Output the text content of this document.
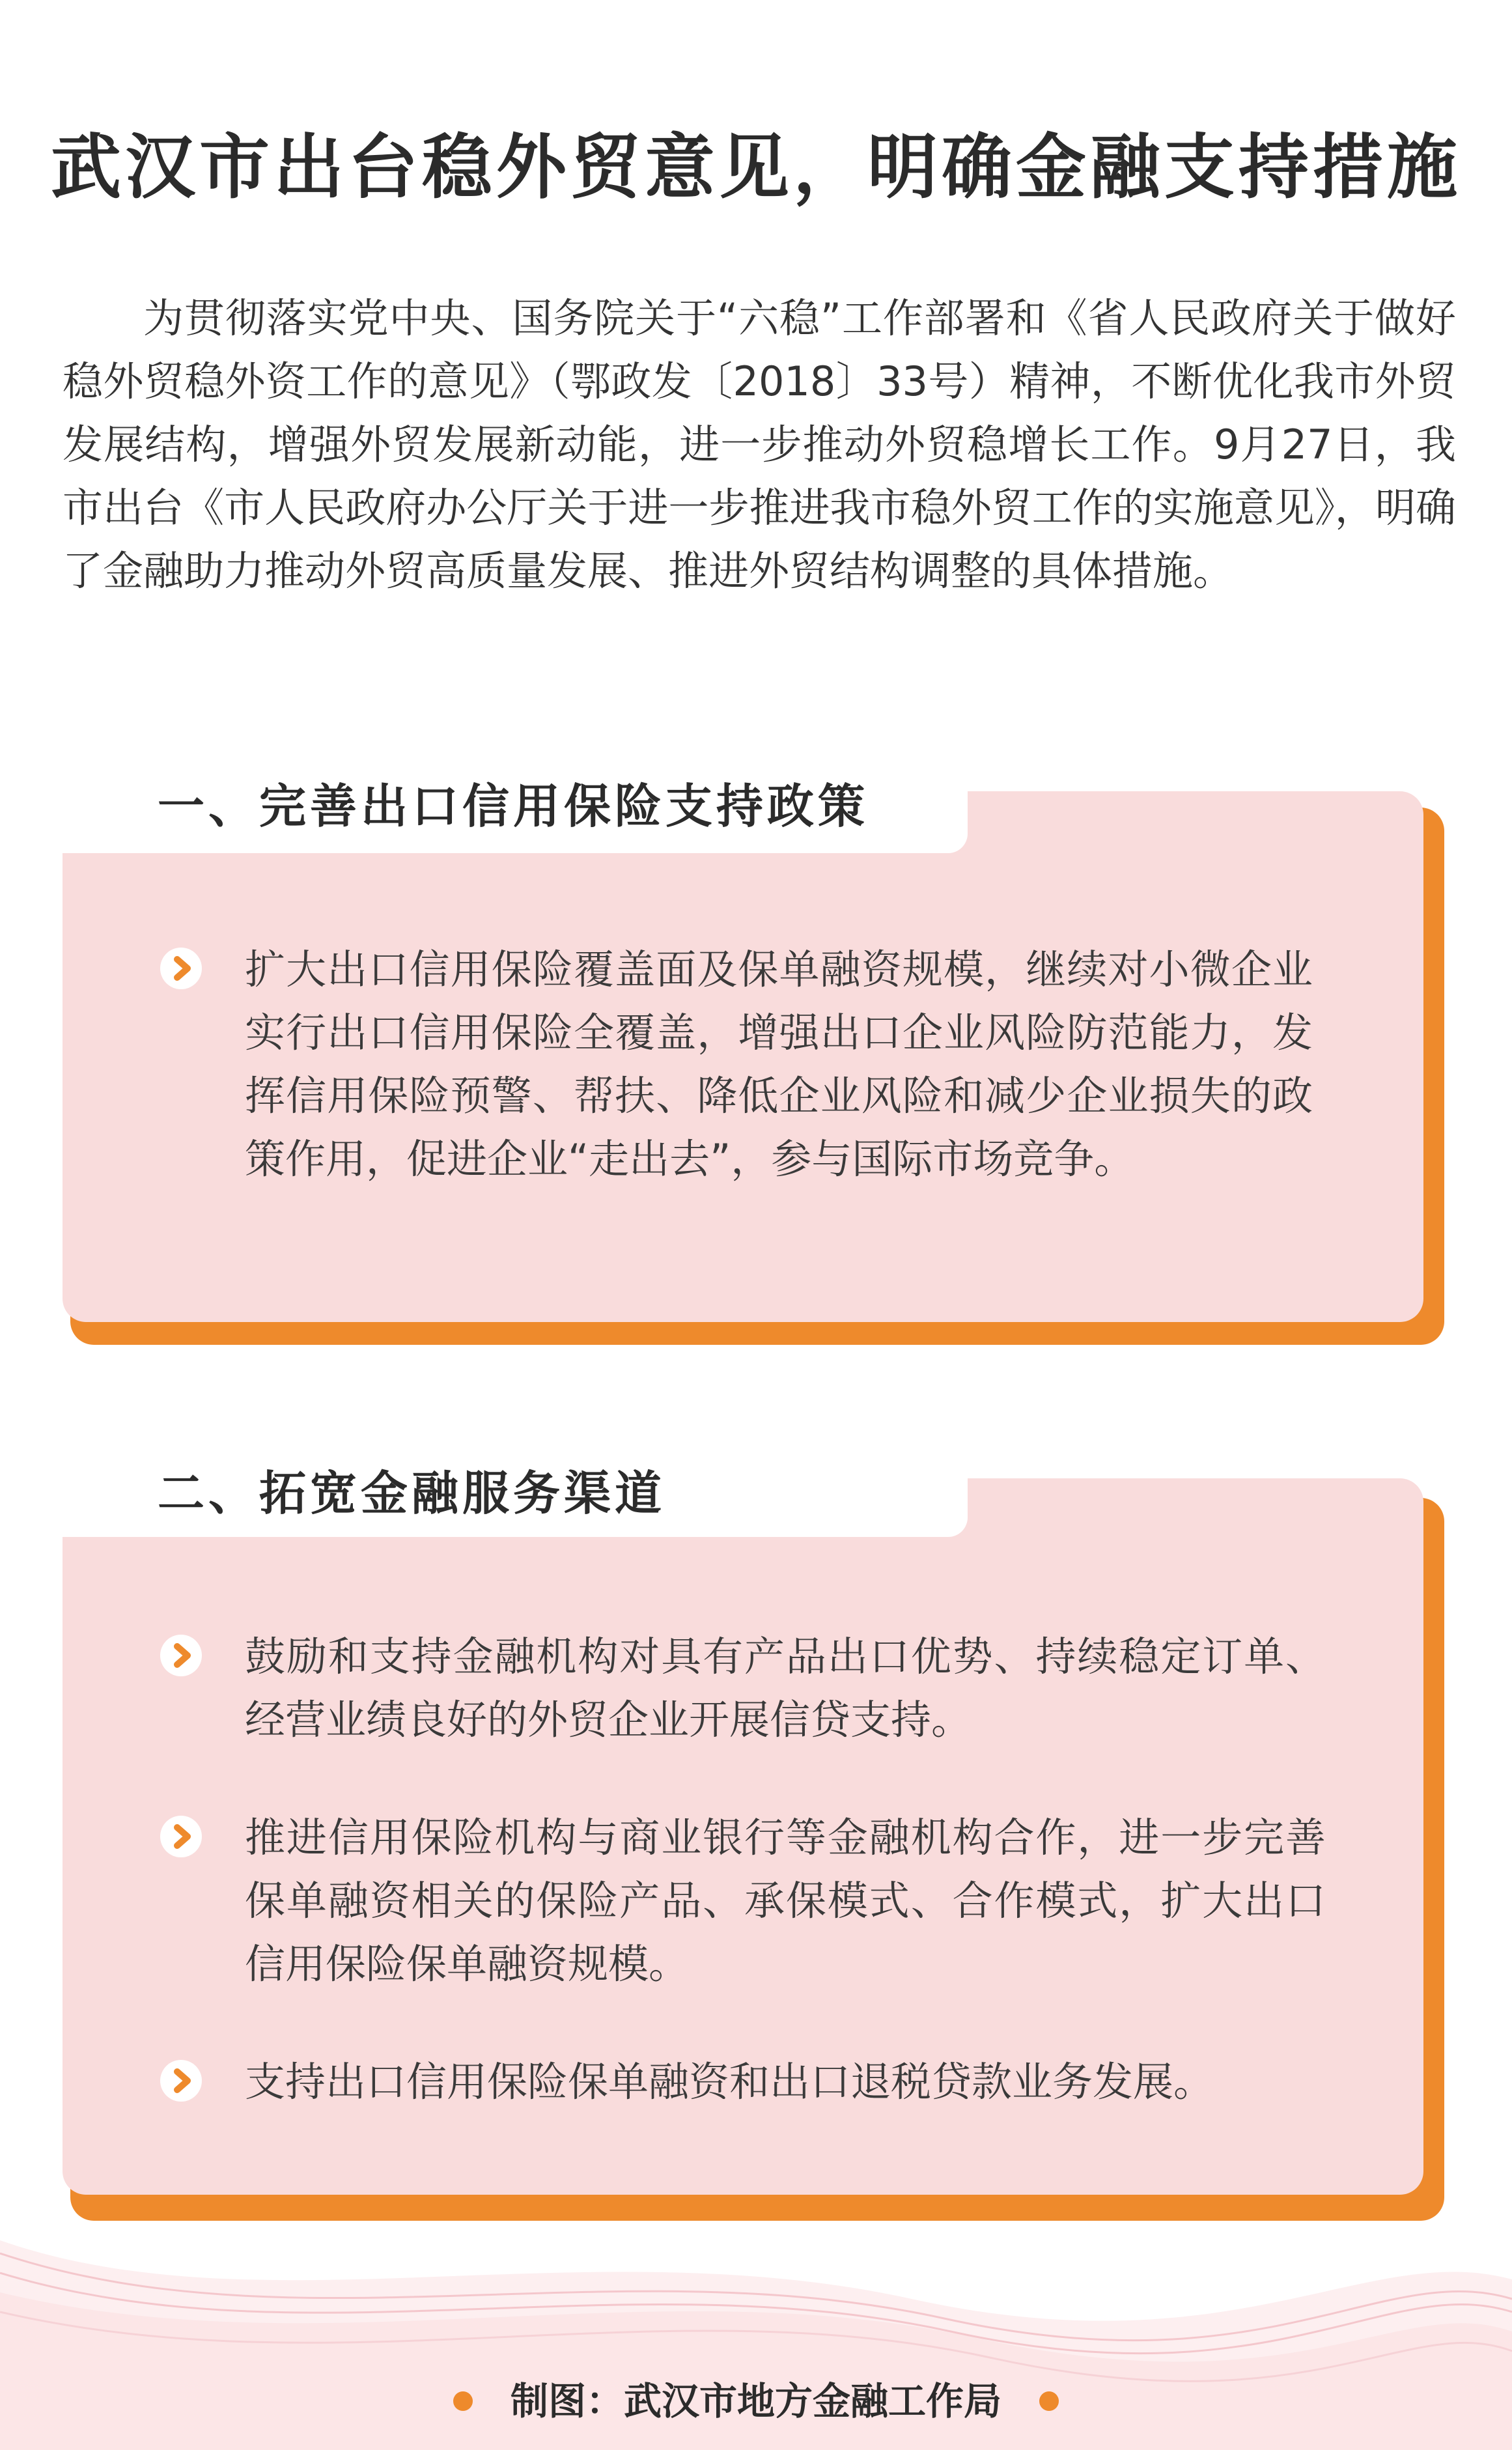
武汉市出台稳外贸意见，明确金融支持措施
为贯彻落实党中央、国务院关于“六稳”工作部署和《省人民政府关于做好稳外贸稳外资工作的意见》（鄂政发〔2018〕33号）精神，不断优化我市外贸发展结构，增强外贸发展新动能，进一步推动外贸稳增长工作。9月27日，我市出台《市人民政府办公厅关于进一步推进我市稳外贸工作的实施意见》，明确了金融助力推动外贸高质量发展、推进外贸结构调整的具体措施。
一、完善出口信用保险支持政策
扩大出口信用保险覆盖面及保单融资规模，继续对小微企业实行出口信用保险全覆盖，增强出口企业风险防范能力，发挥信用保险预警、帮扶、降低企业风险和减少企业损失的政策作用，促进企业“走出去”，参与国际市场竞争。
二、拓宽金融服务渠道
鼓励和支持金融机构对具有产品出口优势、持续稳定订单、经营业绩良好的外贸企业开展信贷支持。
推进信用保险机构与商业银行等金融机构合作，进一步完善保单融资相关的保险产品、承保模式、合作模式，扩大出口信用保险保单融资规模。
支持出口信用保险保单融资和出口退税贷款业务发展。
制图：武汉市地方金融工作局
